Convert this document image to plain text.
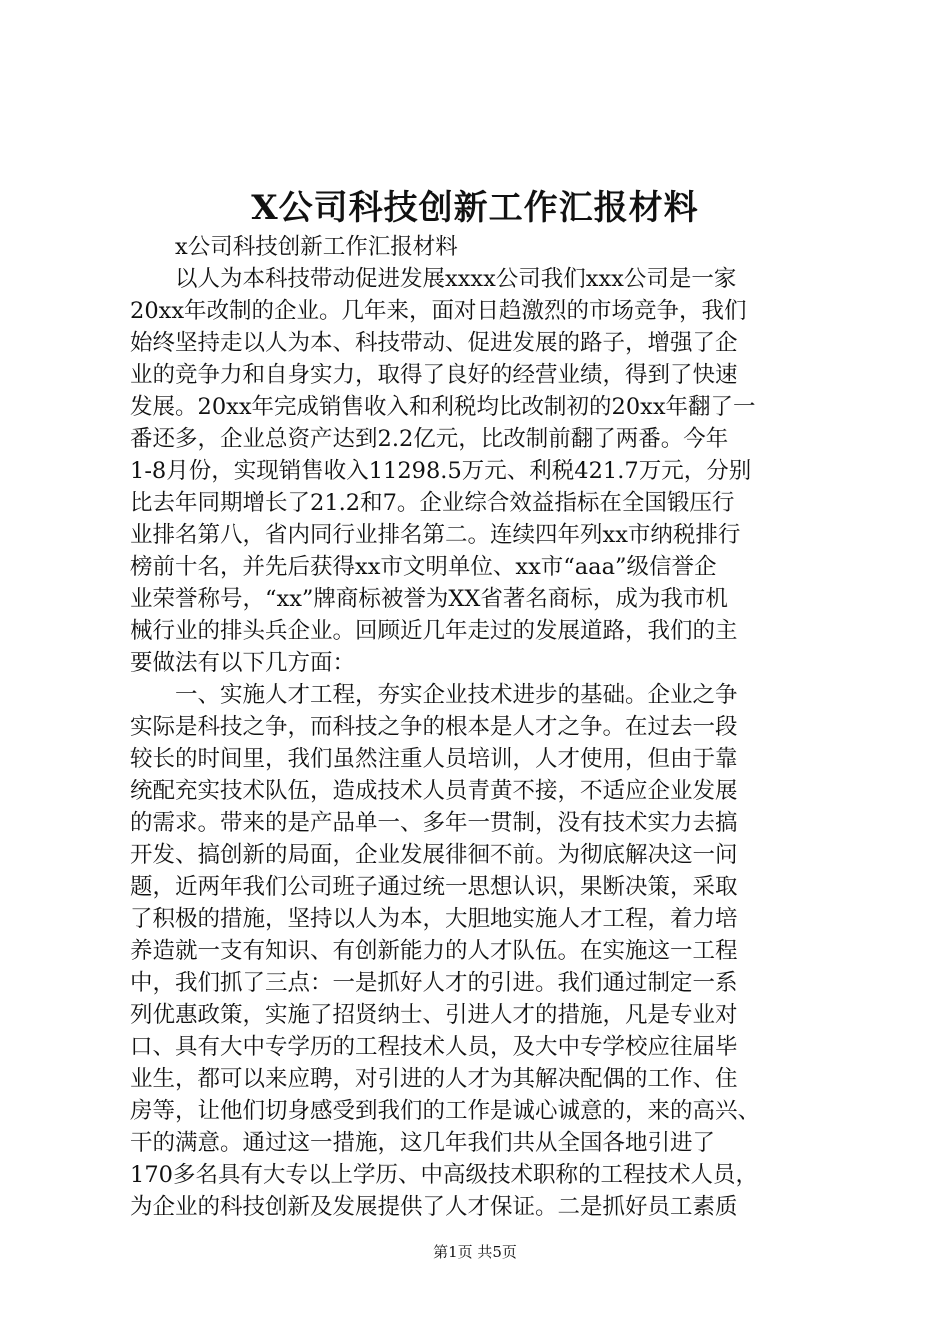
X公司科技创新工作汇报材料
x公司科技创新工作汇报材料
以人为本科技带动促进发展xxxx公司我们xxx公司是一家
20xx年改制的企业。几年来，面对日趋激烈的市场竞争，我们
始终坚持走以人为本、科技带动、促进发展的路子，增强了企
业的竞争力和自身实力，取得了良好的经营业绩，得到了快速
发展。20xx年完成销售收入和利税均比改制初的20xx年翻了一
番还多，企业总资产达到2.2亿元，比改制前翻了两番。今年
1-8月份，实现销售收入11298.5万元、利税421.7万元，分别
比去年同期增长了21.2和7。企业综合效益指标在全国锻压行
业排名第八，省内同行业排名第二。连续四年列xx市纳税排行
榜前十名，并先后获得xx市文明单位、xx市“aaa”级信誉企
业荣誉称号，“xx”牌商标被誉为XX省著名商标，成为我市机
械行业的排头兵企业。回顾近几年走过的发展道路，我们的主
要做法有以下几方面：
一、实施人才工程，夯实企业技术进步的基础。企业之争
实际是科技之争，而科技之争的根本是人才之争。在过去一段
较长的时间里，我们虽然注重人员培训，人才使用，但由于靠
统配充实技术队伍，造成技术人员青黄不接，不适应企业发展
的需求。带来的是产品单一、多年一贯制，没有技术实力去搞
开发、搞创新的局面，企业发展徘徊不前。为彻底解决这一问
题，近两年我们公司班子通过统一思想认识，果断决策，采取
了积极的措施，坚持以人为本，大胆地实施人才工程，着力培
养造就一支有知识、有创新能力的人才队伍。在实施这一工程
中，我们抓了三点：一是抓好人才的引进。我们通过制定一系
列优惠政策，实施了招贤纳士、引进人才的措施，凡是专业对
口、具有大中专学历的工程技术人员，及大中专学校应往届毕
业生，都可以来应聘，对引进的人才为其解决配偶的工作、住
房等，让他们切身感受到我们的工作是诚心诚意的，来的高兴、
干的满意。通过这一措施，这几年我们共从全国各地引进了
170多名具有大专以上学历、中高级技术职称的工程技术人员，
为企业的科技创新及发展提供了人才保证。二是抓好员工素质
第1页 共5页
